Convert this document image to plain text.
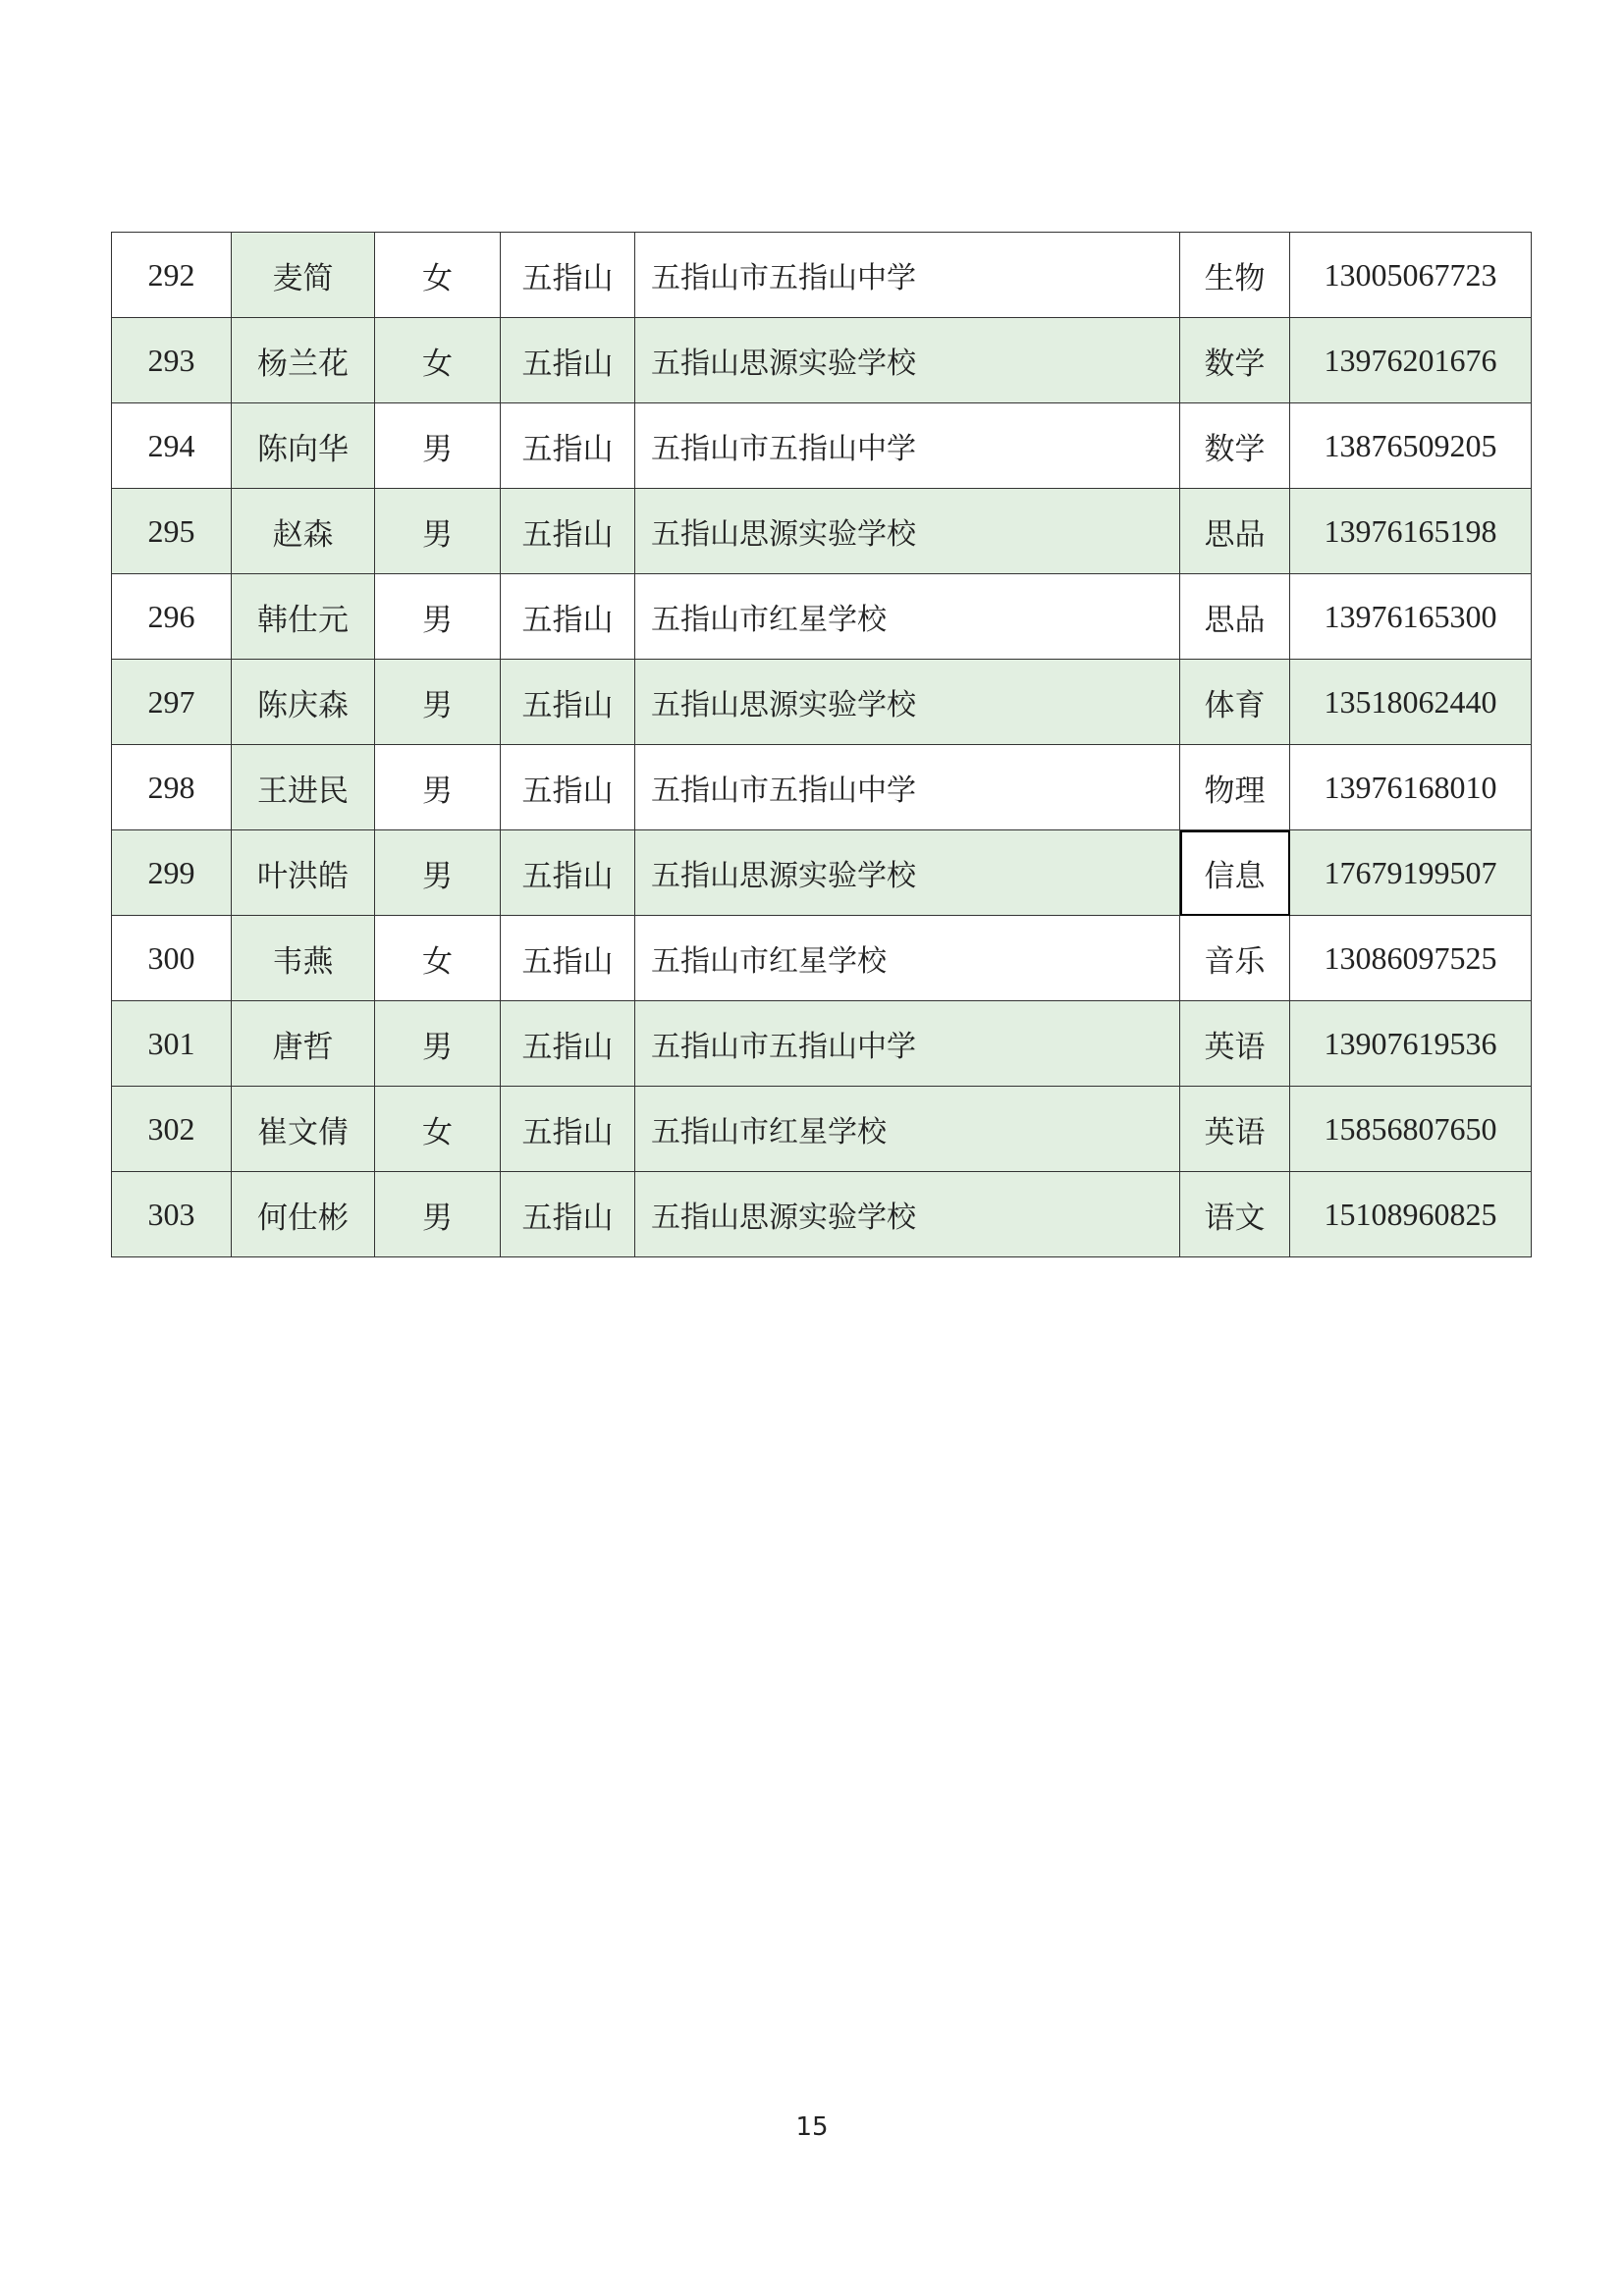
292	麦简	女	五指山	五指山市五指山中学	生物	13005067723
293	杨兰花	女	五指山	五指山思源实验学校	数学	13976201676
294	陈向华	男	五指山	五指山市五指山中学	数学	13876509205
295	赵森	男	五指山	五指山思源实验学校	思品	13976165198
296	韩仕元	男	五指山	五指山市红星学校	思品	13976165300
297	陈庆森	男	五指山	五指山思源实验学校	体育	13518062440
298	王进民	男	五指山	五指山市五指山中学	物理	13976168010
299	叶洪皓	男	五指山	五指山思源实验学校	信息	17679199507
300	韦燕	女	五指山	五指山市红星学校	音乐	13086097525
301	唐哲	男	五指山	五指山市五指山中学	英语	13907619536
302	崔文倩	女	五指山	五指山市红星学校	英语	15856807650
303	何仕彬	男	五指山	五指山思源实验学校	语文	15108960825
15
